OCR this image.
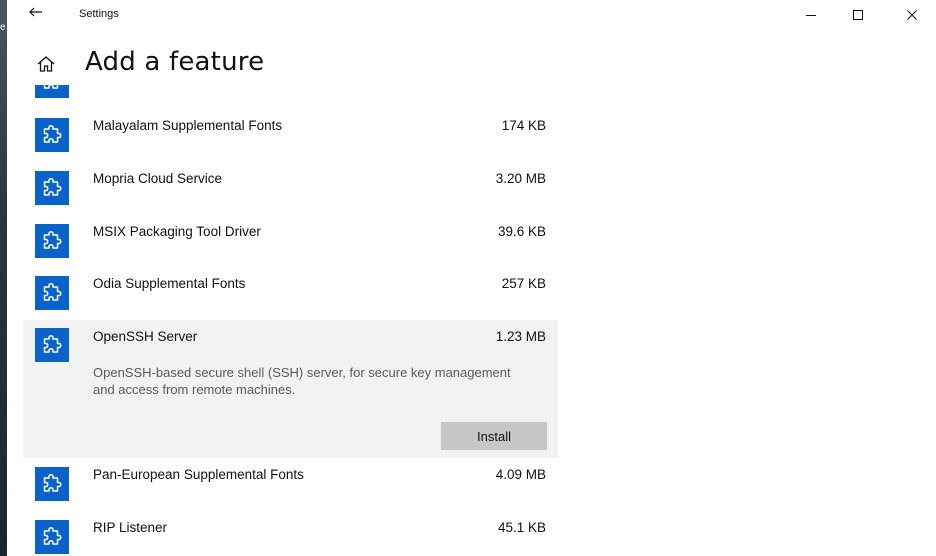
e
Settings
Add a feature
Malayalam Supplemental Fonts	174 KB
Mopria Cloud Service	3.20 MB
MSIX Packaging Tool Driver	39.6 KB
Odia Supplemental Fonts	257 KB
OpenSSH Server	1.23 MB
OpenSSH-based secure shell (SSH) server, for secure key management and access from remote machines.
Install
Pan-European Supplemental Fonts	4.09 MB
RIP Listener	45.1 KB
